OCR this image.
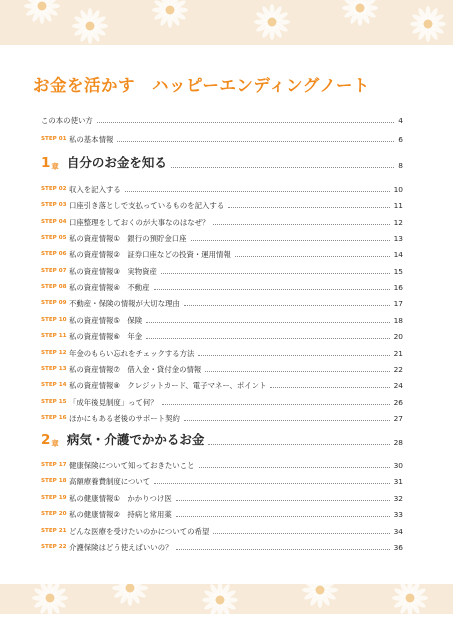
お金を活かす　ハッピーエンディングノート
この本の使い方	4
STEP 01 私の基本情報	6
1 章 自分のお金を知る	8
STEP 02 収入を記入する	10
STEP 03 口座引き落としで支払っているものを記入する	11
STEP 04 口座整理をしておくのが大事なのはなぜ？	12
STEP 05 私の資産情報①　銀行の預貯金口座	13
STEP 06 私の資産情報②　証券口座などの投資・運用情報	14
STEP 07 私の資産情報③　実物資産	15
STEP 08 私の資産情報④　不動産	16
STEP 09 不動産・保険の情報が大切な理由	17
STEP 10 私の資産情報⑤　保険	18
STEP 11 私の資産情報⑥　年金	20
STEP 12 年金のもらい忘れをチェックする方法	21
STEP 13 私の資産情報⑦　借入金・貸付金の情報	22
STEP 14 私の資産情報⑧　クレジットカード、電子マネー、ポイント	24
STEP 15 「成年後見制度」って何？	26
STEP 16 ほかにもある老後のサポート契約	27
2 章 病気・介護でかかるお金	28
STEP 17 健康保険について知っておきたいこと	30
STEP 18 高額療養費制度について	31
STEP 19 私の健康情報①　かかりつけ医	32
STEP 20 私の健康情報②　持病と常用薬	33
STEP 21 どんな医療を受けたいのかについての希望	34
STEP 22 介護保険はどう使えばいいの？	36
